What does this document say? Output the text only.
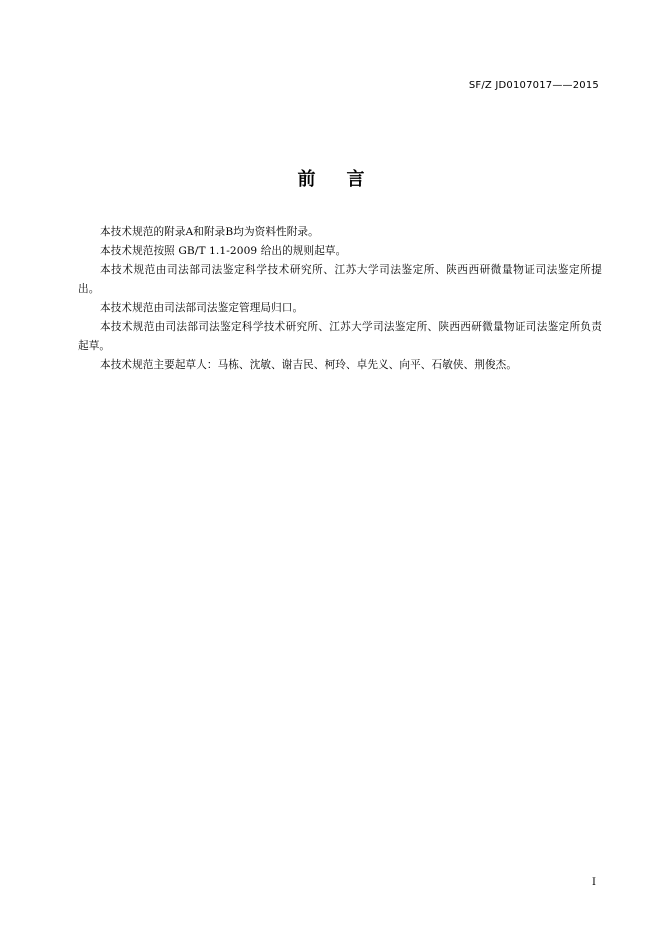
SF/Z JD0107017——2015
前言

本技术规范的附录A和附录B均为资料性附录。

本技术规范按照 GB/T 1.1-2009 给出的规则起草。

本技术规范由司法部司法鉴定科学技术研究所、江苏大学司法鉴定所、陕西西研微量物证司法鉴定所提出。

本技术规范由司法部司法鉴定管理局归口。

本技术规范由司法部司法鉴定科学技术研究所、江苏大学司法鉴定所、陕西西研微量物证司法鉴定所负责起草。

本技术规范主要起草人：马栋、沈敏、谢吉民、柯玲、卓先义、向平、石敏侠、荆俊杰。

I
